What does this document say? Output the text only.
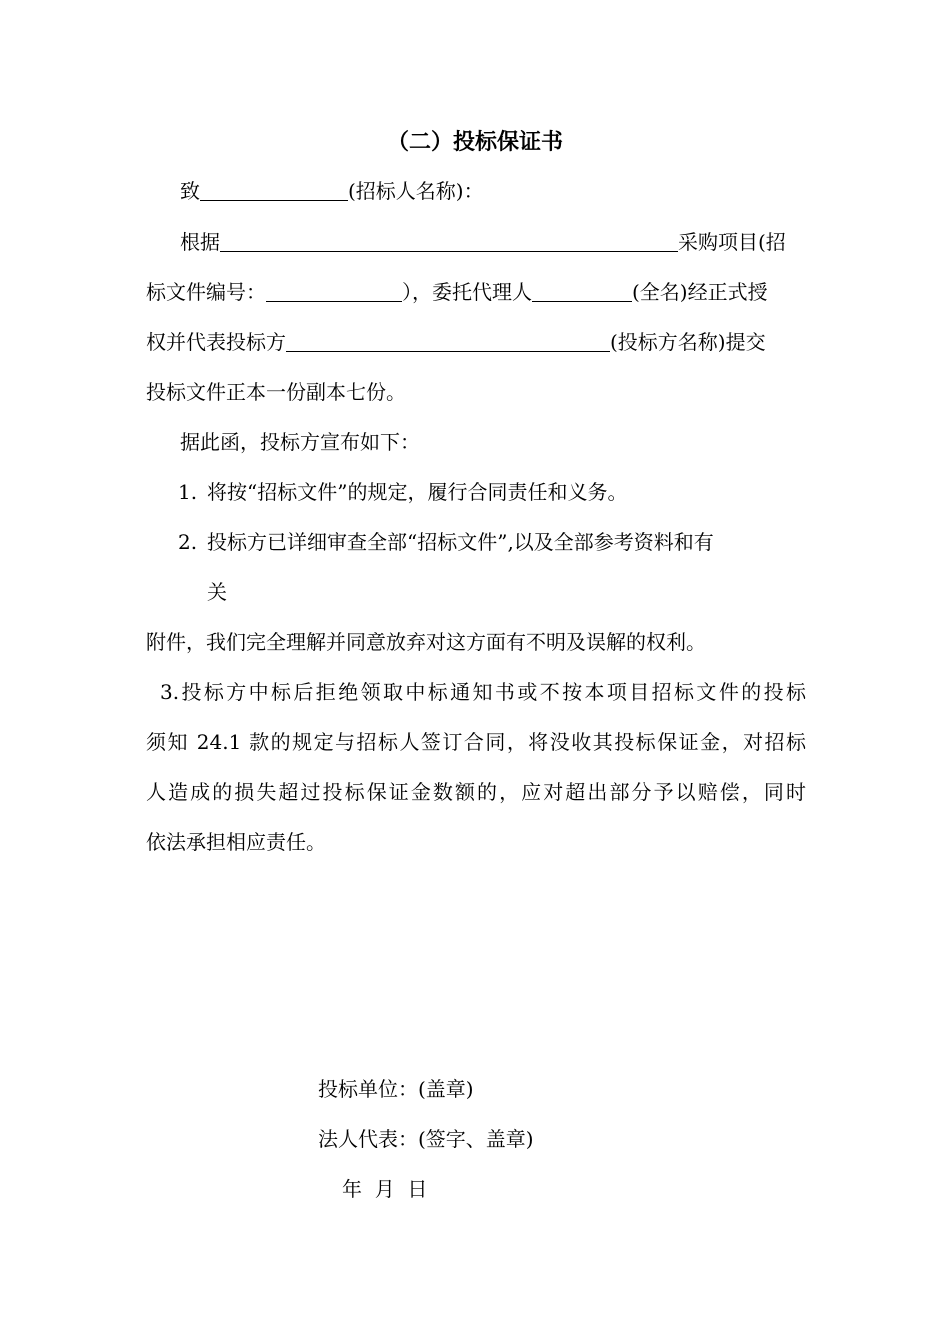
（二）投标保证书
致	(招标人名称)：
根据	采购项目(招
标文件编号：	），委托代理人	(全名)经正式授
权并代表投标方	(投标方名称)提交
投标文件正本一份副本七份。
据此函，投标方宣布如下：
1. 将按“招标文件”的规定，履行合同责任和义务。
2. 投标方已详细审查全部“招标文件”,以及全部参考资料和有
关
附件，我们完全理解并同意放弃对这方面有不明及误解的权利。
3.投标方中标后拒绝领取中标通知书或不按本项目招标文件的投标
须知 24.1 款的规定与招标人签订合同，将没收其投标保证金，对招标
人造成的损失超过投标保证金数额的，应对超出部分予以赔偿，同时
依法承担相应责任。
投标单位：(盖章)
法人代表：(签字、盖章)
年  月  日
